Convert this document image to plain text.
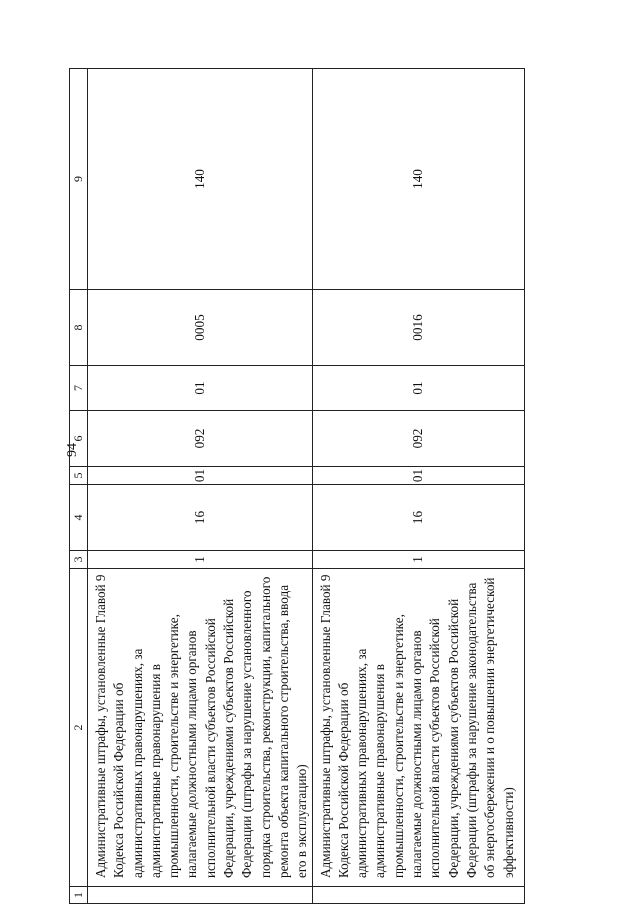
94
1	2	3	4	5	6	7	8	9
	Административные штрафы, установленные Главой 9 Кодекса Российской Федерации об административных правонарушениях, за административные правонарушения в промышленности, строительстве и энергетике, налагаемые должностными лицами органов исполнительной власти субъектов Российской Федерации, учреждениями субъектов Российской Федерации (штрафы за нарушение установленного порядка строительства, реконструкции, капитального ремонта объекта капитального строительства, ввода его в эксплуатацию)	1	16	01	092	01	0005	140
	Административные штрафы, установленные Главой 9 Кодекса Российской Федерации об административных правонарушениях, за административные правонарушения в промышленности, строительстве и энергетике, налагаемые должностными лицами органов исполнительной власти субъектов Российской Федерации, учреждениями субъектов Российской Федерации (штрафы за нарушение законодательства об энергосбережении и о повышении энергетической эффективности)	1	16	01	092	01	0016	140
